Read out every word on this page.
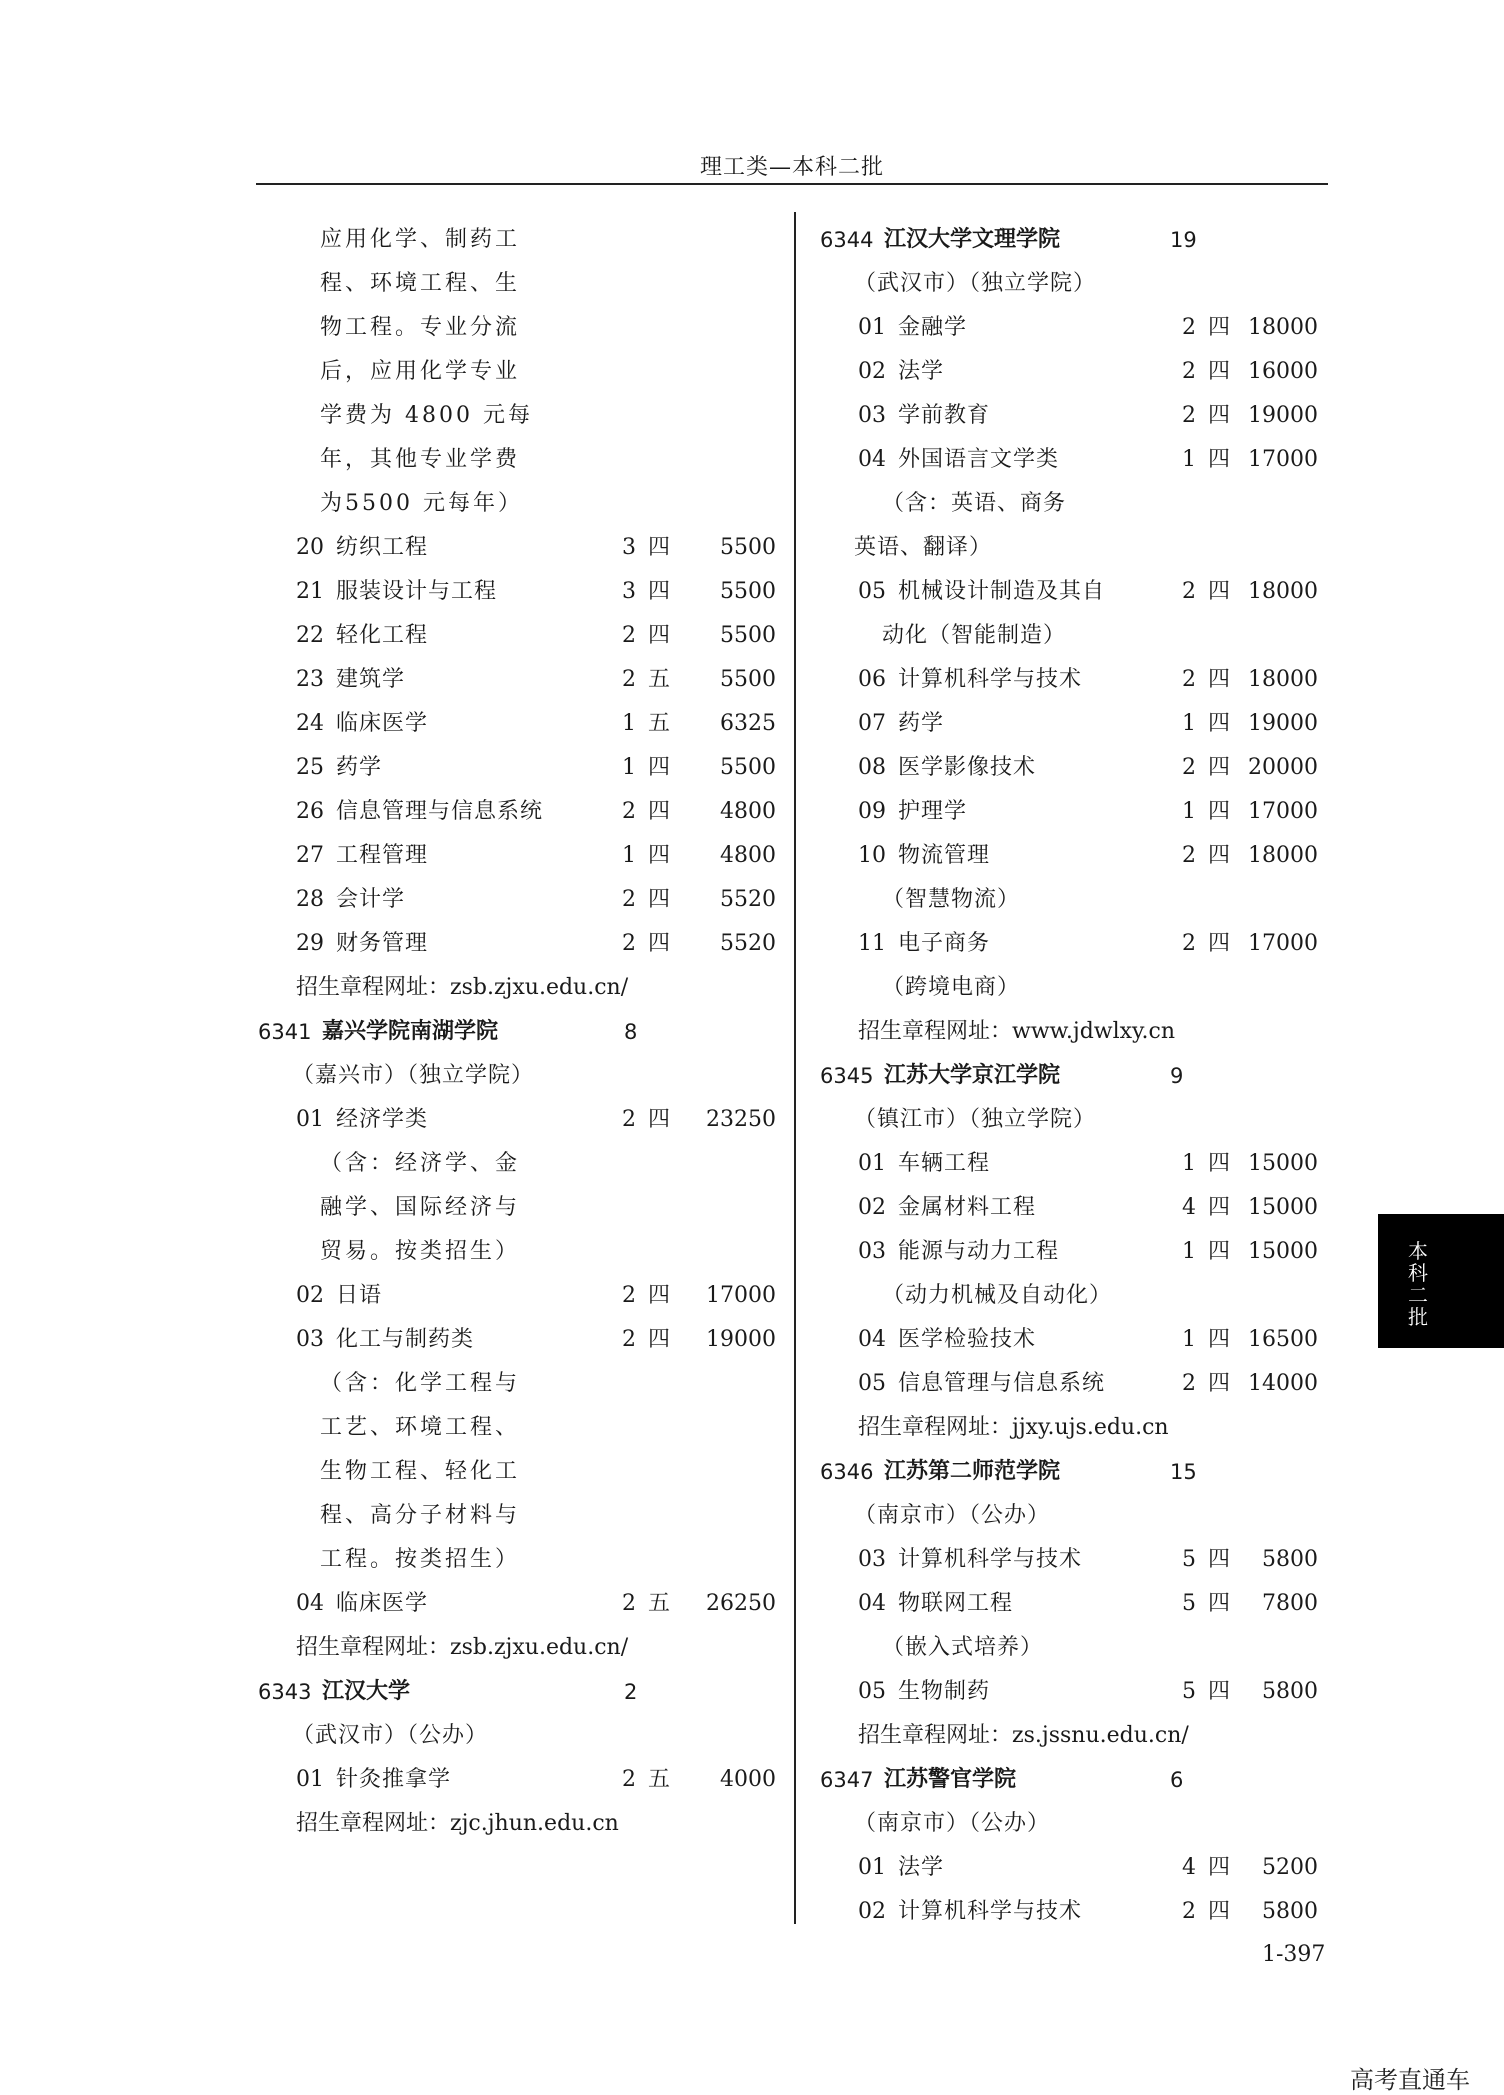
理工类—本科二批
应用化学、制药工
程、环境工程、生
物工程。专业分流
后，应用化学专业
学费为 4800 元每
年，其他专业学费
为5500 元每年）
20 纺织工程	3 四 5500
21 服装设计与工程	3 四 5500
22 轻化工程	2 四 5500
23 建筑学	2 五 5500
24 临床医学	1 五 6325
25 药学	1 四 5500
26 信息管理与信息系统	2 四 4800
27 工程管理	1 四 4800
28 会计学	2 四 5520
29 财务管理	2 四 5520
招生章程网址：zsb.zjxu.edu.cn/
6341 嘉兴学院南湖学院	8
（嘉兴市）（独立学院）
01 经济学类	2 四 23250
（含：经济学、金
融学、国际经济与
贸易。按类招生）
02 日语	2 四 17000
03 化工与制药类	2 四 19000
（含：化学工程与
工艺、环境工程、
生物工程、轻化工
程、高分子材料与
工程。按类招生）
04 临床医学	2 五 26250
招生章程网址：zsb.zjxu.edu.cn/
6343 江汉大学	2
（武汉市）（公办）
01 针灸推拿学	2 五 4000
招生章程网址：zjc.jhun.edu.cn
6344 江汉大学文理学院	19
（武汉市）（独立学院）
01 金融学	2 四 18000
02 法学	2 四 16000
03 学前教育	2 四 19000
04 外国语言文学类	1 四 17000
（含：英语、商务
英语、翻译）
05 机械设计制造及其自	2 四 18000
动化（智能制造）
06 计算机科学与技术	2 四 18000
07 药学	1 四 19000
08 医学影像技术	2 四 20000
09 护理学	1 四 17000
10 物流管理	2 四 18000
（智慧物流）
11 电子商务	2 四 17000
（跨境电商）
招生章程网址：www.jdwlxy.cn
6345 江苏大学京江学院	9
（镇江市）（独立学院）
01 车辆工程	1 四 15000
02 金属材料工程	4 四 15000
03 能源与动力工程	1 四 15000
（动力机械及自动化）
04 医学检验技术	1 四 16500
05 信息管理与信息系统	2 四 14000
招生章程网址：jjxy.ujs.edu.cn
6346 江苏第二师范学院	15
（南京市）（公办）
03 计算机科学与技术	5 四 5800
04 物联网工程	5 四 7800
（嵌入式培养）
05 生物制药	5 四 5800
招生章程网址：zs.jssnu.edu.cn/
6347 江苏警官学院	6
（南京市）（公办）
01 法学	4 四 5200
02 计算机科学与技术	2 四 5800
本科二批
1-397
高考直通车
